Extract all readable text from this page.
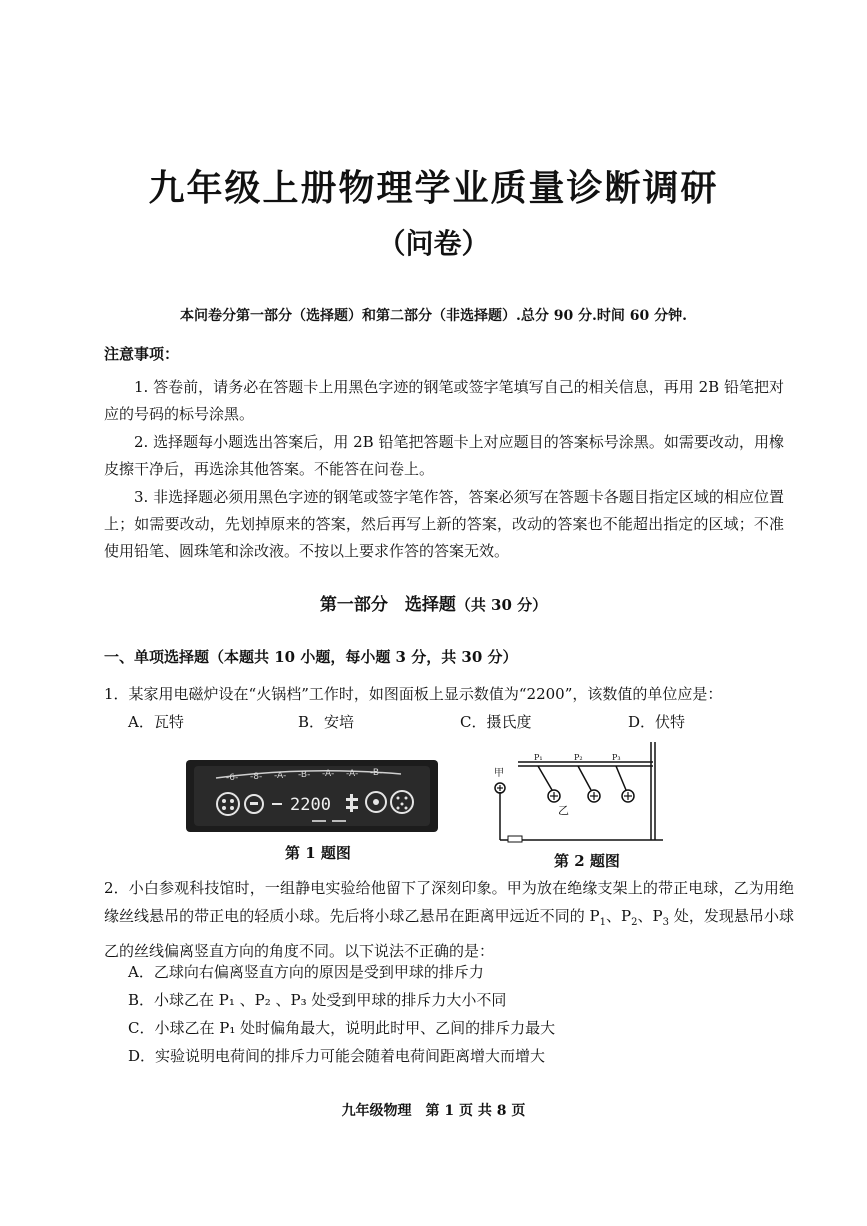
九年级上册物理学业质量诊断调研
（问卷）
本问卷分第一部分（选择题）和第二部分（非选择题）.总分 90 分.时间 60 分钟.
注意事项：
1. 答卷前，请务必在答题卡上用黑色字迹的钢笔或签字笔填写自己的相关信息，再用 2B 铅笔把对应的号码的标号涂黑。
2. 选择题每小题选出答案后，用 2B 铅笔把答题卡上对应题目的答案标号涂黑。如需要改动，用橡皮擦干净后，再选涂其他答案。不能答在问卷上。
3. 非选择题必须用黑色字迹的钢笔或签字笔作答，答案必须写在答题卡各题目指定区域的相应位置上；如需要改动，先划掉原来的答案，然后再写上新的答案，改动的答案也不能超出指定的区域；不准使用铅笔、圆珠笔和涂改液。不按以上要求作答的答案无效。
第一部分　选择题（共 30 分）
一、单项选择题（本题共 10 小题，每小题 3 分，共 30 分）
1．某家用电磁炉设在“火锅档”工作时，如图面板上显示数值为“2200”，该数值的单位应是：
A．瓦特	B．安培	C．摄氏度	D．伏特
-6- -8- -A- -B- -A- -A- -B-
2200
第 1 题图
甲
乙
P₁	P₂	P₃
第 2 题图
2．小白参观科技馆时，一组静电实验给他留下了深刻印象。甲为放在绝缘支架上的带正电球，乙为用绝缘丝线悬吊的带正电的轻质小球。先后将小球乙悬吊在距离甲远近不同的 $P_1$、$P_2$、$P_3$ 处，发现悬吊小球乙的丝线偏离竖直方向的角度不同。以下说法不正确的是：
A．乙球向右偏离竖直方向的原因是受到甲球的排斥力
B．小球乙在 P₁ 、P₂ 、P₃ 处受到甲球的排斥力大小不同
C．小球乙在 P₁ 处时偏角最大，说明此时甲、乙间的排斥力最大
D．实验说明电荷间的排斥力可能会随着电荷间距离增大而增大
九年级物理　第 1 页 共 8 页
